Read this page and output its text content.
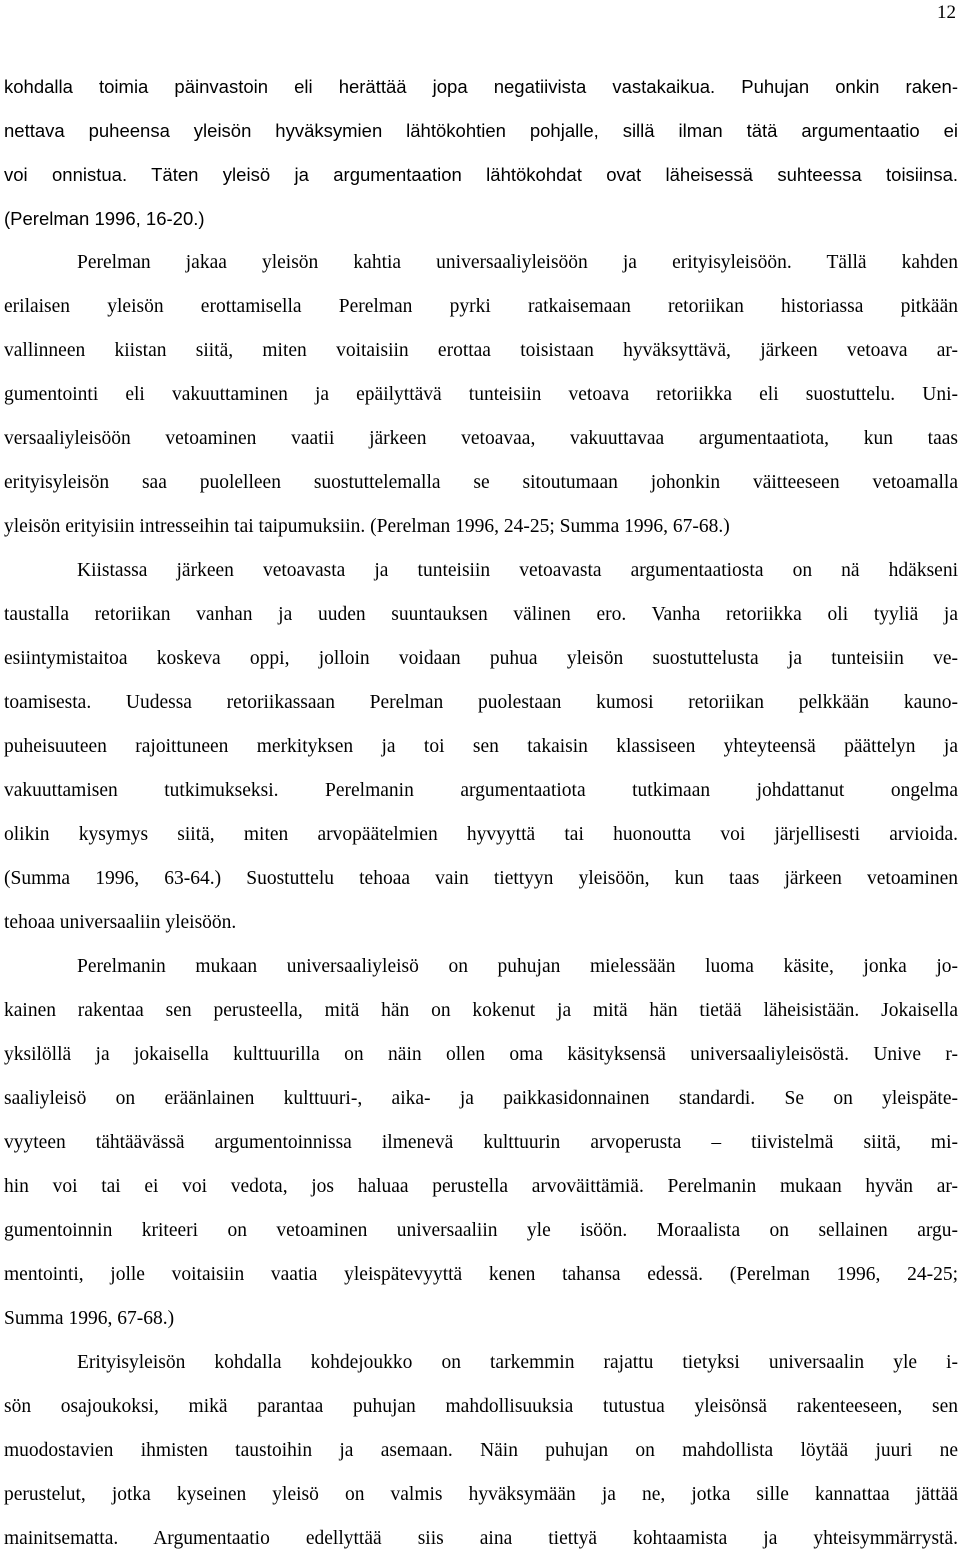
12
kohdalla toimia päinvastoin eli herättää jopa negatiivista vastakaikua. Puhujan onkin raken-
nettava puheensa yleisön hyväksymien lähtökohtien pohjalle, sillä ilman tätä argumentaatio ei
voi onnistua. Täten yleisö ja argumentaation lähtökohdat ovat läheisessä suhteessa toisiinsa.
(Perelman 1996, 16-20.)
Perelman jakaa yleisön kahtia universaaliyleisöön ja erityisyleisöön. Tällä kahden
erilaisen yleisön erottamisella Perelman pyrki ratkaisemaan retoriikan historiassa pitkään
vallinneen kiistan siitä, miten voitaisiin erottaa toisistaan hyväksyttävä, järkeen vetoava ar-
gumentointi eli vakuuttaminen ja epäilyttävä tunteisiin vetoava retoriikka eli suostuttelu. Uni-
versaaliyleisöön vetoaminen vaatii järkeen vetoavaa, vakuuttavaa argumentaatiota, kun taas
erityisyleisön saa puolelleen suostuttelemalla se sitoutumaan johonkin väitteeseen vetoamalla
yleisön erityisiin intresseihin tai taipumuksiin. (Perelman 1996, 24-25; Summa 1996, 67-68.)
Kiistassa järkeen vetoavasta ja tunteisiin vetoavasta argumentaatiosta on nä hdäkseni
taustalla retoriikan vanhan ja uuden suuntauksen välinen ero. Vanha retoriikka oli tyyliä ja
esiintymistaitoa koskeva oppi, jolloin voidaan puhua yleisön suostuttelusta ja tunteisiin ve-
toamisesta. Uudessa retoriikassaan Perelman puolestaan kumosi retoriikan pelkkään kauno-
puheisuuteen rajoittuneen merkityksen ja toi sen takaisin klassiseen yhteyteensä päättelyn ja
vakuuttamisen tutkimukseksi. Perelmanin argumentaatiota tutkimaan johdattanut ongelma
olikin kysymys siitä, miten arvopäätelmien hyvyyttä tai huonoutta voi järjellisesti arvioida.
(Summa 1996, 63-64.) Suostuttelu tehoaa vain tiettyyn yleisöön, kun taas järkeen vetoaminen
tehoaa universaaliin yleisöön.
Perelmanin mukaan universaaliyleisö on puhujan mielessään luoma käsite, jonka jo-
kainen rakentaa sen perusteella, mitä hän on kokenut ja mitä hän tietää läheisistään. Jokaisella
yksilöllä ja jokaisella kulttuurilla on näin ollen oma käsityksensä universaaliyleisöstä. Unive r-
saaliyleisö on eräänlainen kulttuuri-, aika- ja paikkasidonnainen standardi. Se on yleispäte-
vyyteen tähtäävässä argumentoinnissa ilmenevä kulttuurin arvoperusta – tiivistelmä siitä, mi-
hin voi tai ei voi vedota, jos haluaa perustella arvoväittämiä. Perelmanin mukaan hyvän ar-
gumentoinnin kriteeri on vetoaminen universaaliin yle isöön. Moraalista on sellainen argu-
mentointi, jolle voitaisiin vaatia yleispätevyyttä kenen tahansa edessä. (Perelman 1996, 24-25;
Summa 1996, 67-68.)
Erityisyleisön kohdalla kohdejoukko on tarkemmin rajattu tietyksi universaalin yle i-
sön osajoukoksi, mikä parantaa puhujan mahdollisuuksia tutustua yleisönsä rakenteeseen, sen
muodostavien ihmisten taustoihin ja asemaan. Näin puhujan on mahdollista löytää juuri ne
perustelut, jotka kyseinen yleisö on valmis hyväksymään ja ne, jotka sille kannattaa jättää
mainitsematta. Argumentaatio edellyttää siis aina tiettyä kohtaamista ja yhteisymmärrystä.
